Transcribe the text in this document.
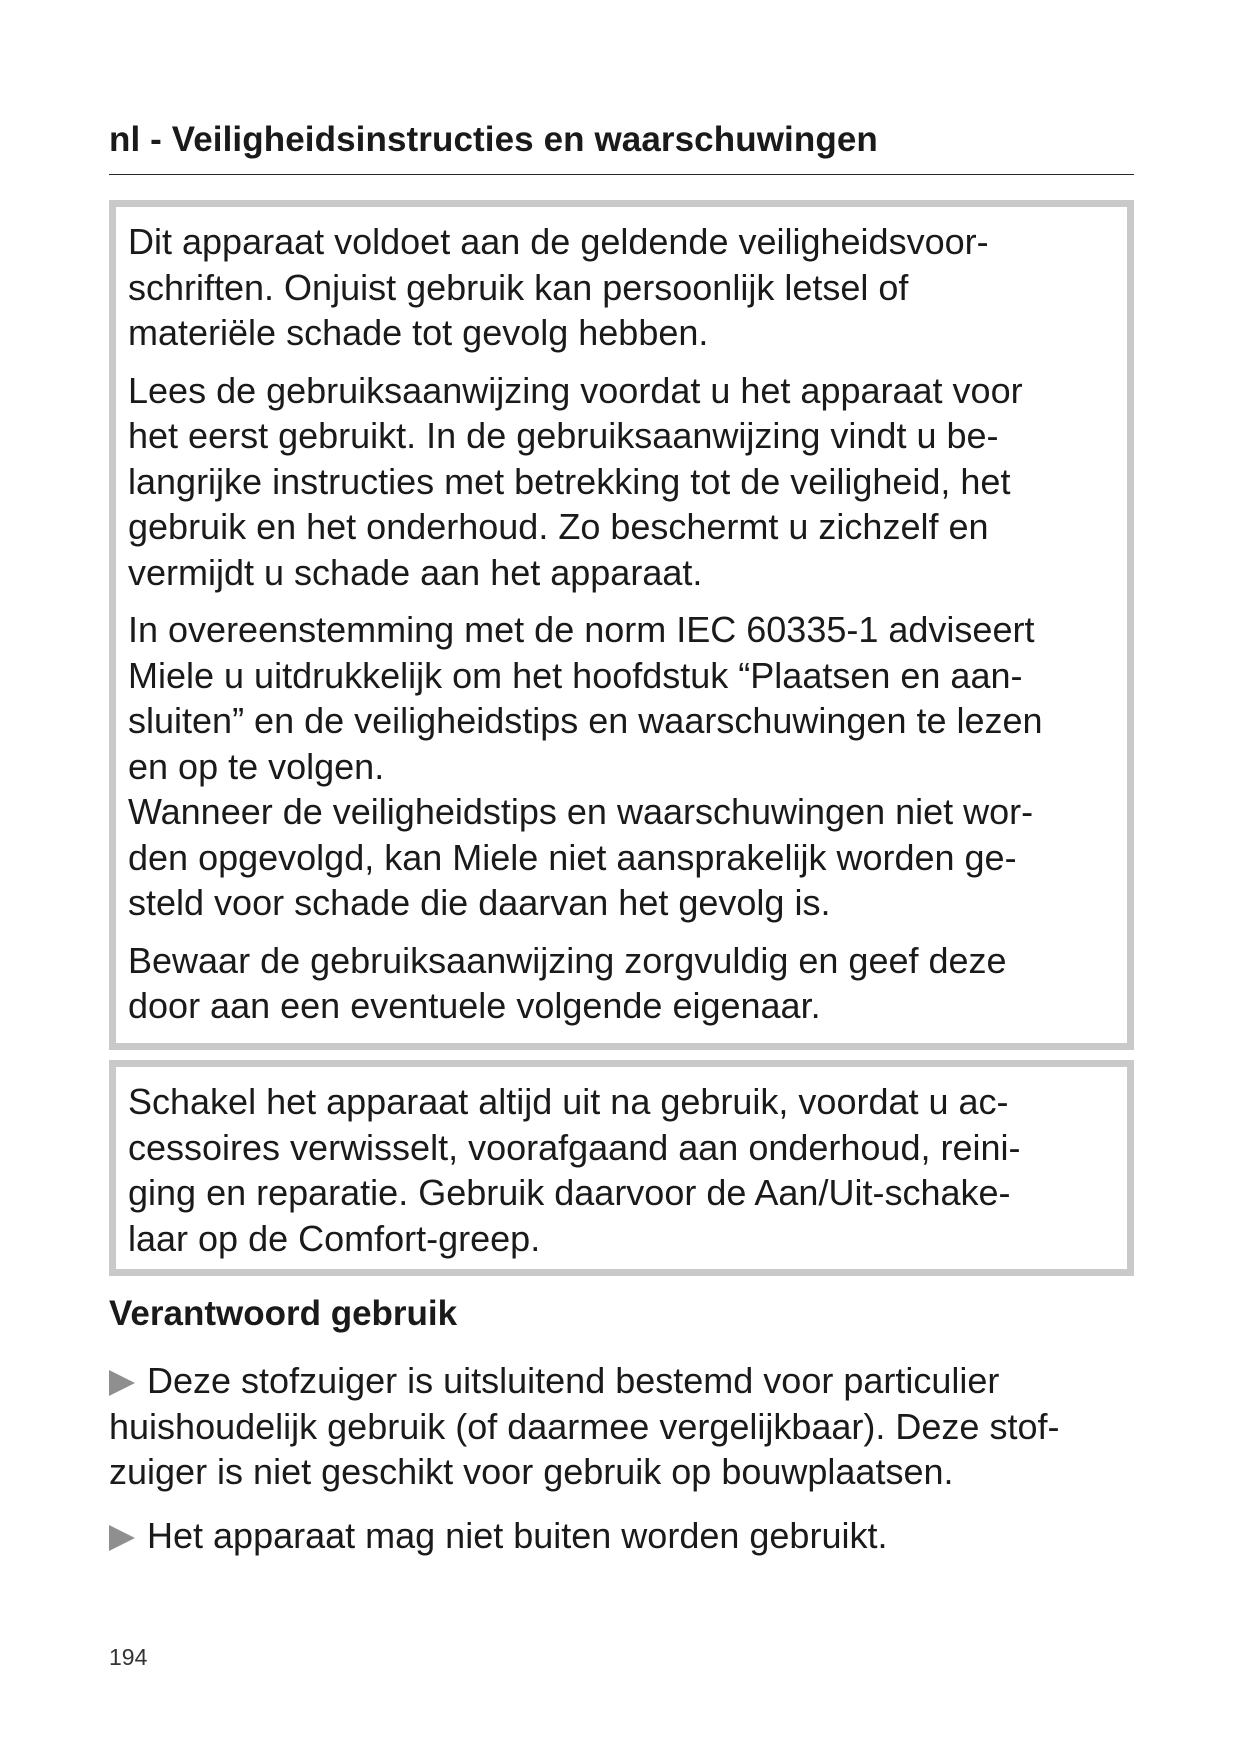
nl - Veiligheidsinstructies en waarschuwingen

Dit apparaat voldoet aan de geldende veiligheidsvoor-
schriften. Onjuist gebruik kan persoonlijk letsel of
materiële schade tot gevolg hebben.

Lees de gebruiksaanwijzing voordat u het apparaat voor
het eerst gebruikt. In de gebruiksaanwijzing vindt u be-
langrijke instructies met betrekking tot de veiligheid, het
gebruik en het onderhoud. Zo beschermt u zichzelf en
vermijdt u schade aan het apparaat.

In overeenstemming met de norm IEC 60335-1 adviseert
Miele u uitdrukkelijk om het hoofdstuk “Plaatsen en aan-
sluiten” en de veiligheidstips en waarschuwingen te lezen
en op te volgen.

Wanneer de veiligheidstips en waarschuwingen niet wor-
den opgevolgd, kan Miele niet aansprakelijk worden ge-
steld voor schade die daarvan het gevolg is.

Bewaar de gebruiksaanwijzing zorgvuldig en geef deze
door aan een eventuele volgende eigenaar.

Schakel het apparaat altijd uit na gebruik, voordat u ac-
cessoires verwisselt, voorafgaand aan onderhoud, reini-
ging en reparatie. Gebruik daarvoor de Aan/Uit-schake-
laar op de Comfort-greep.

Verantwoord gebruik

Deze stofzuiger is uitsluitend bestemd voor particulier
huishoudelijk gebruik (of daarmee vergelijkbaar). Deze stof-
zuiger is niet geschikt voor gebruik op bouwplaatsen.

Het apparaat mag niet buiten worden gebruikt.

194
